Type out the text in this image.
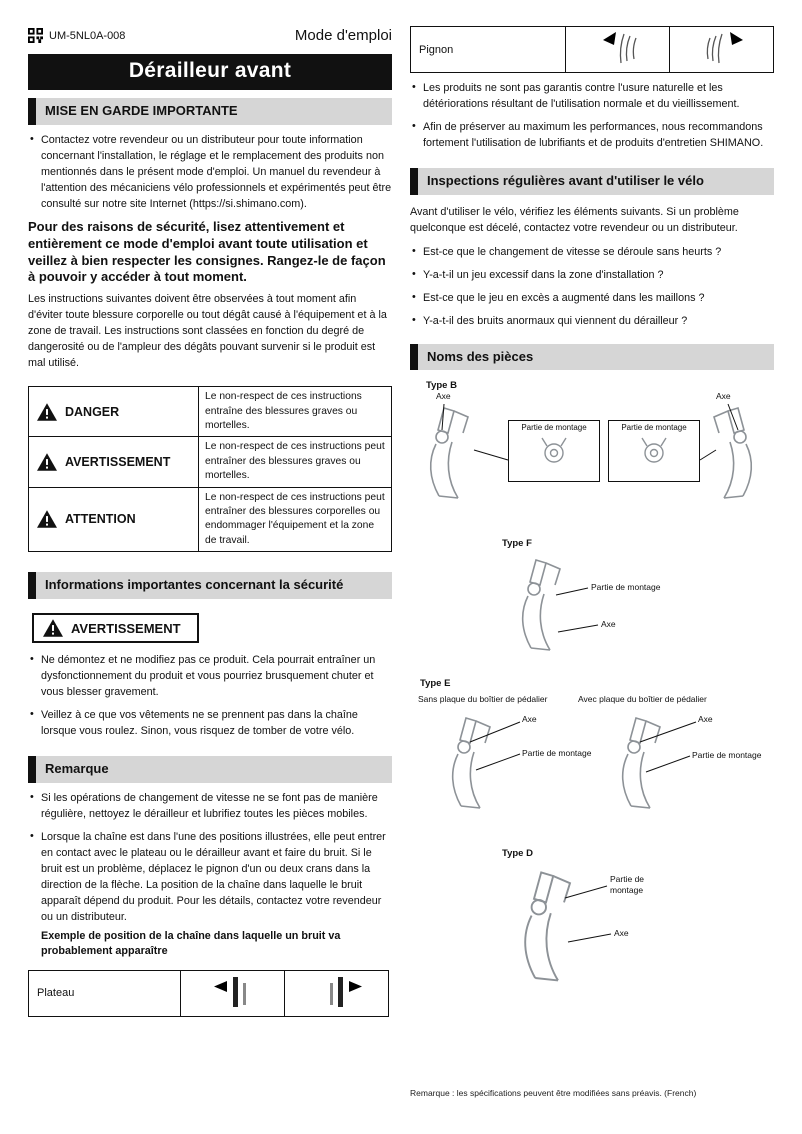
UM-5NL0A-008	Mode d'emploi
Dérailleur avant
MISE EN GARDE IMPORTANTE
• Contactez votre revendeur ou un distributeur pour toute information concernant l'installation, le réglage et le remplacement des produits non mentionnés dans le présent mode d'emploi. Un manuel du revendeur à l'attention des mécaniciens vélo professionnels et expérimentés peut être consulté sur notre site Internet (https://si.shimano.com).
Pour des raisons de sécurité, lisez attentivement et entièrement ce mode d'emploi avant toute utilisation et veillez à bien respecter les consignes. Rangez-le de façon à pouvoir y accéder à tout moment.
Les instructions suivantes doivent être observées à tout moment afin d'éviter toute blessure corporelle ou tout dégât causé à l'équipement et à la zone de travail. Les instructions sont classées en fonction du degré de dangerosité ou de l'ampleur des dégâts pouvant survenir si le produit est mal utilisé.
DANGER	Le non-respect de ces instructions entraîne des blessures graves ou mortelles.

AVERTISSEMENT	Le non-respect de ces instructions peut entraîner des blessures graves ou mortelles.

ATTENTION	Le non-respect de ces instructions peut entraîner des blessures corporelles ou endommager l'équipement et la zone de travail.
Informations importantes concernant la sécurité
AVERTISSEMENT
• Ne démontez et ne modifiez pas ce produit. Cela pourrait entraîner un dysfonctionnement du produit et vous pourriez brusquement chuter et vous blesser gravement.
• Veillez à ce que vos vêtements ne se prennent pas dans la chaîne lorsque vous roulez. Sinon, vous risquez de tomber de votre vélo.
Remarque
• Si les opérations de changement de vitesse ne se font pas de manière régulière, nettoyez le dérailleur et lubrifiez toutes les pièces mobiles.
• Lorsque la chaîne est dans l'une des positions illustrées, elle peut entrer en contact avec le plateau ou le dérailleur avant et faire du bruit. Si le bruit est un problème, déplacez le pignon d'un ou deux crans dans la direction de la flèche. La position de la chaîne dans laquelle le bruit apparaît dépend du produit. Pour les détails, contactez votre revendeur ou un distributeur.
Exemple de position de la chaîne dans laquelle un bruit va probablement apparaître
Plateau		
Pignon		
• Les produits ne sont pas garantis contre l'usure naturelle et les détériorations résultant de l'utilisation normale et du vieillissement.
• Afin de préserver au maximum les performances, nous recommandons fortement l'utilisation de lubrifiants et de produits d'entretien SHIMANO.
Inspections régulières avant d'utiliser le vélo
Avant d'utiliser le vélo, vérifiez les éléments suivants. Si un problème quelconque est décelé, contactez votre revendeur ou un distributeur.
• Est-ce que le changement de vitesse se déroule sans heurts ?
• Y-a-t-il un jeu excessif dans la zone d'installation ?
• Est-ce que le jeu en excès a augmenté dans les maillons ?
• Y-a-t-il des bruits anormaux qui viennent du dérailleur ?
Noms des pièces
Type B
Axe	Axe
Partie de montage	Partie de montage
Type F
Partie de montage
Axe
Type E
Sans plaque du boîtier de pédalier	Avec plaque du boîtier de pédalier
Axe
Partie de montage
Axe
Partie de montage
Type D
Partie de montage
Axe
Remarque : les spécifications peuvent être modifiées sans préavis. (French)
